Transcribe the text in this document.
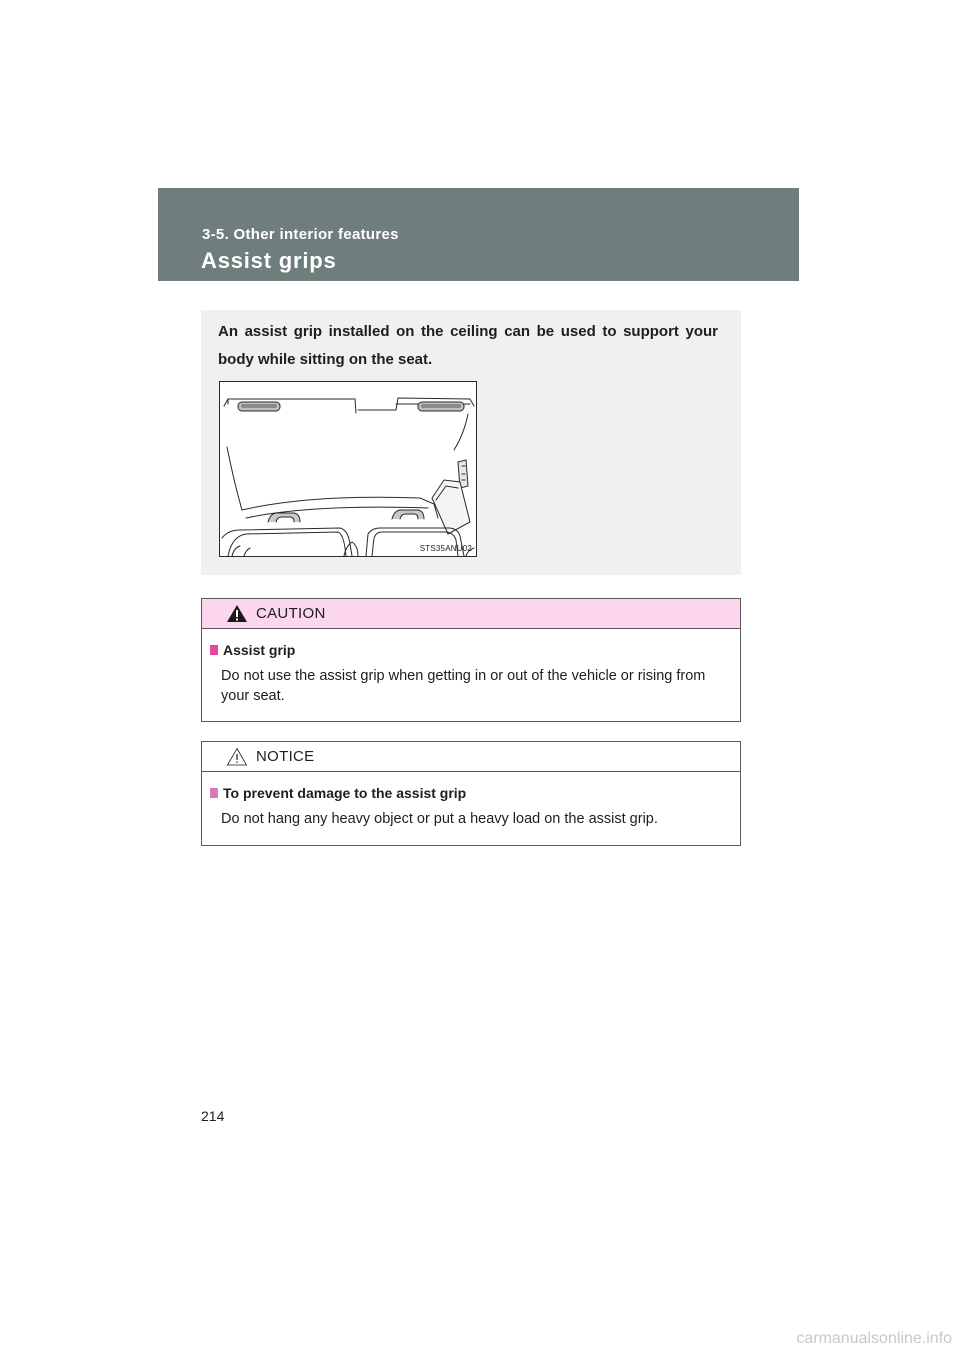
3-5. Other interior features
Assist grips
An assist grip installed on the ceiling can be used to support your body while sitting on the seat.
STS35ANU02
CAUTION
Assist grip
Do not use the assist grip when getting in or out of the vehicle or rising from your seat.
NOTICE
To prevent damage to the assist grip
Do not hang any heavy object or put a heavy load on the assist grip.
214
carmanualsonline.info
